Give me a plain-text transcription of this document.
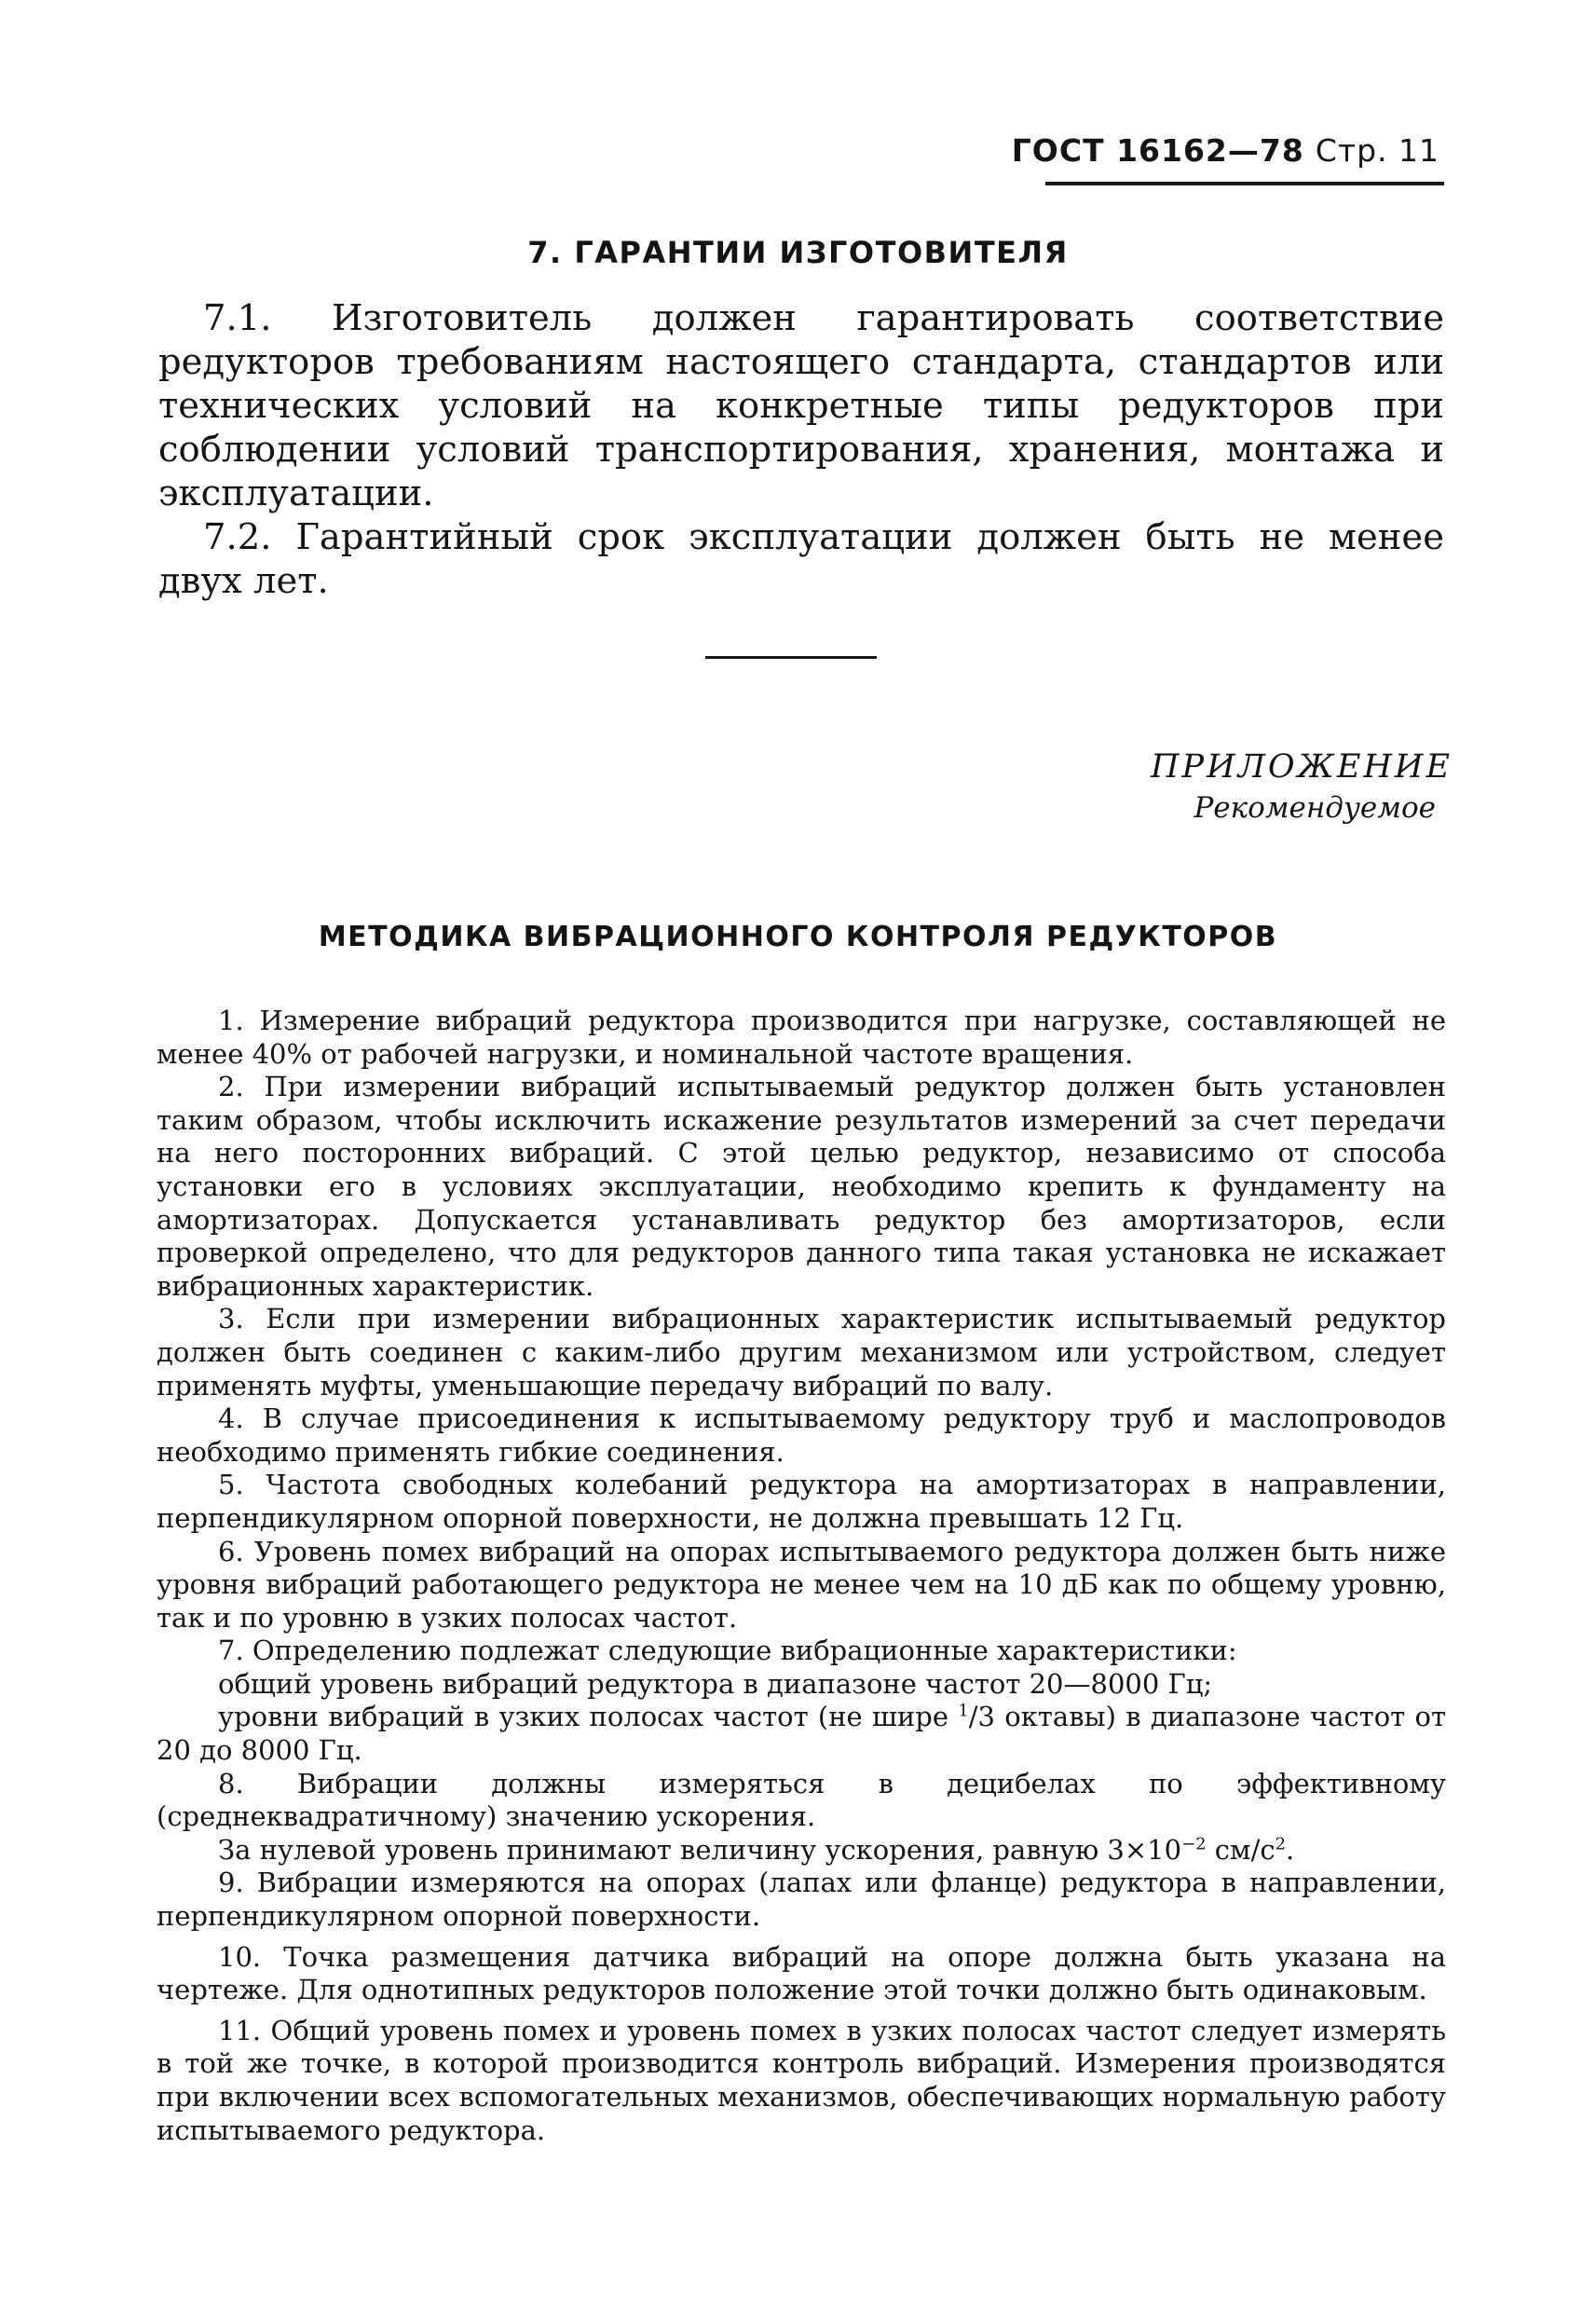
ГОСТ 16162—78 Стр. 11
7. ГАРАНТИИ ИЗГОТОВИТЕЛЯ

7.1. Изготовитель должен гарантировать соответствие редукторов требованиям настоящего стандарта, стандартов или технических условий на конкретные типы редукторов при соблюдении условий транспортирования, хранения, монтажа и эксплуатации.

7.2. Гарантийный срок эксплуатации должен быть не менее двух лет.

ПРИЛОЖЕНИЕ
Рекомендуемое
МЕТОДИКА ВИБРАЦИОННОГО КОНТРОЛЯ РЕДУКТОРОВ

1. Измерение вибраций редуктора производится при нагрузке, составляющей не менее 40% от рабочей нагрузки, и номинальной частоте вращения.

2. При измерении вибраций испытываемый редуктор должен быть установлен таким образом, чтобы исключить искажение результатов измерений за счет передачи на него посторонних вибраций. С этой целью редуктор, независимо от способа установки его в условиях эксплуатации, необходимо крепить к фундаменту на амортизаторах. Допускается устанавливать редуктор без амортизаторов, если проверкой определено, что для редукторов данного типа такая установка не искажает вибрационных характеристик.

3. Если при измерении вибрационных характеристик испытываемый редуктор должен быть соединен с каким-либо другим механизмом или устройством, следует применять муфты, уменьшающие передачу вибраций по валу.

4. В случае присоединения к испытываемому редуктору труб и маслопроводов необходимо применять гибкие соединения.

5. Частота свободных колебаний редуктора на амортизаторах в направлении, перпендикулярном опорной поверхности, не должна превышать 12 Гц.

6. Уровень помех вибраций на опорах испытываемого редуктора должен быть ниже уровня вибраций работающего редуктора не менее чем на 10 дБ как по общему уровню, так и по уровню в узких полосах частот.

7. Определению подлежат следующие вибрационные характеристики:

общий уровень вибраций редуктора в диапазоне частот 20—8000 Гц;

уровни вибраций в узких полосах частот (не шире $^1$/3 октавы) в диапазоне частот от 20 до 8000 Гц.

8. Вибрации должны измеряться в децибелах по эффективному (среднеквадратичному) значению ускорения.

За нулевой уровень принимают величину ускорения, равную $3\times 10^{-2}$ $см/с^2$.

9. Вибрации измеряются на опорах (лапах или фланце) редуктора в направлении, перпендикулярном опорной поверхности.

10. Точка размещения датчика вибраций на опоре должна быть указана на чертеже. Для однотипных редукторов положение этой точки должно быть одинаковым.

11. Общий уровень помех и уровень помех в узких полосах частот следует измерять в той же точке, в которой производится контроль вибраций. Измерения производятся при включении всех вспомогательных механизмов, обеспечивающих нормальную работу испытываемого редуктора.
